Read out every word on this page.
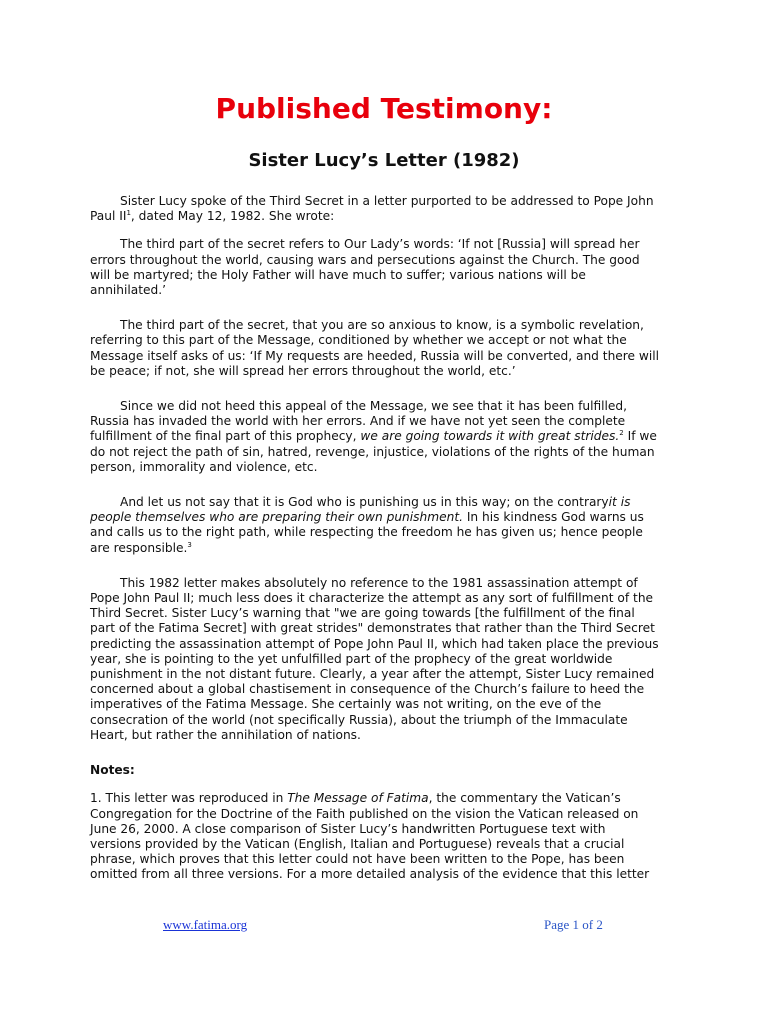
Published Testimony:
Sister Lucy’s Letter (1982)

Sister Lucy spoke of the Third Secret in a letter purported to be addressed to Pope John Paul $II^1$, dated May 12, 1982. She wrote:

The third part of the secret refers to Our Lady’s words: ‘If not [Russia] will spread her errors throughout the world, causing wars and persecutions against the Church. The good will be martyred; the Holy Father will have much to suffer; various nations will be annihilated.’

The third part of the secret, that you are so anxious to know, is a symbolic revelation, referring to this part of the Message, conditioned by whether we accept or not what the Message itself asks of us: ‘If My requests are heeded, Russia will be converted, and there will be peace; if not, she will spread her errors throughout the world, etc.’

Since we did not heed this appeal of the Message, we see that it has been fulfilled, Russia has invaded the world with her errors. And if we have not yet seen the complete fulfillment of the final part of this prophecy, we are going towards it with great strides.$^2$ If we do not reject the path of sin, hatred, revenge, injustice, violations of the rights of the human person, immorality and violence, etc.

And let us not say that it is God who is punishing us in this way; on the contraryit is people themselves who are preparing their own punishment. In his kindness God warns us and calls us to the right path, while respecting the freedom he has given us; hence people are responsible.$^3$

This 1982 letter makes absolutely no reference to the 1981 assassination attempt of Pope John Paul II; much less does it characterize the attempt as any sort of fulfillment of the Third Secret. Sister Lucy’s warning that "we are going towards [the fulfillment of the final part of the Fatima Secret] with great strides" demonstrates that rather than the Third Secret predicting the assassination attempt of Pope John Paul II, which had taken place the previous year, she is pointing to the yet unfulfilled part of the prophecy of the great worldwide punishment in the not distant future. Clearly, a year after the attempt, Sister Lucy remained concerned about a global chastisement in consequence of the Church’s failure to heed the imperatives of the Fatima Message. She certainly was not writing, on the eve of the consecration of the world (not specifically Russia), about the triumph of the Immaculate Heart, but rather the annihilation of nations.

Notes:

1. This letter was reproduced in The Message of Fatima, the commentary the Vatican’s Congregation for the Doctrine of the Faith published on the vision the Vatican released on June 26, 2000. A close comparison of Sister Lucy’s handwritten Portuguese text with versions provided by the Vatican (English, Italian and Portuguese) reveals that a crucial phrase, which proves that this letter could not have been written to the Pope, has been omitted from all three versions. For a more detailed analysis of the evidence that this letter

www.fatima.org	Page 1 of 2
